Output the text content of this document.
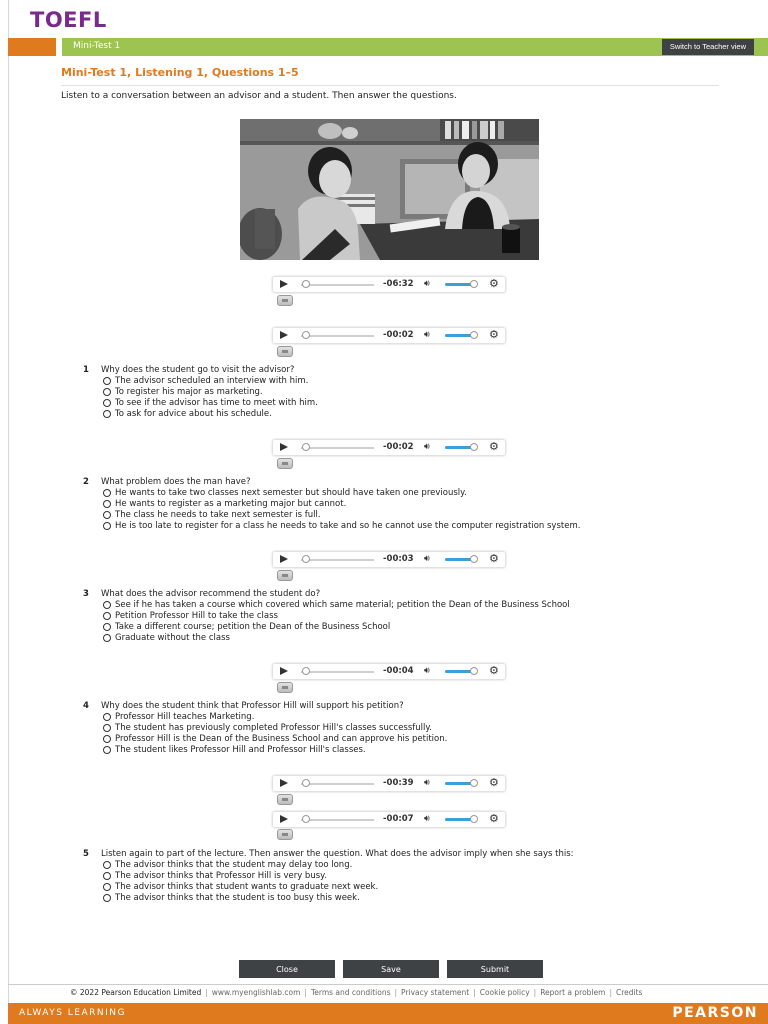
TOEFL
Mini-Test 1	Switch to Teacher view
Mini-Test 1, Listening 1, Questions 1–5
Listen to a conversation between an advisor and a student. Then answer the questions.
-06:32 🔊︎	⚙
-00:02 🔊︎	⚙
1 Why does the student go to visit the advisor?
The advisor scheduled an interview with him.
To register his major as marketing.
To see if the advisor has time to meet with him.
To ask for advice about his schedule.
-00:02 🔊︎	⚙
2 What problem does the man have?
He wants to take two classes next semester but should have taken one previously.
He wants to register as a marketing major but cannot.
The class he needs to take next semester is full.
He is too late to register for a class he needs to take and so he cannot use the computer registration system.
-00:03 🔊︎	⚙
3 What does the advisor recommend the student do?
See if he has taken a course which covered which same material; petition the Dean of the Business School
Petition Professor Hill to take the class
Take a different course; petition the Dean of the Business School
Graduate without the class
-00:04 🔊︎	⚙
4 Why does the student think that Professor Hill will support his petition?
Professor Hill teaches Marketing.
The student has previously completed Professor Hill's classes successfully.
Professor Hill is the Dean of the Business School and can approve his petition.
The student likes Professor Hill and Professor Hill's classes.
-00:39 🔊︎	⚙
-00:07 🔊︎	⚙
5 Listen again to part of the lecture. Then answer the question. What does the advisor imply when she says this:
The advisor thinks that the student may delay too long.
The advisor thinks that Professor Hill is very busy.
The advisor thinks that student wants to graduate next week.
The advisor thinks that the student is too busy this week.
Close	Save	Submit
© 2022 Pearson Education Limited | www.myenglishlab.com | Terms and conditions | Privacy statement | Cookie policy | Report a problem | Credits
ALWAYS LEARNING	PEARSON
